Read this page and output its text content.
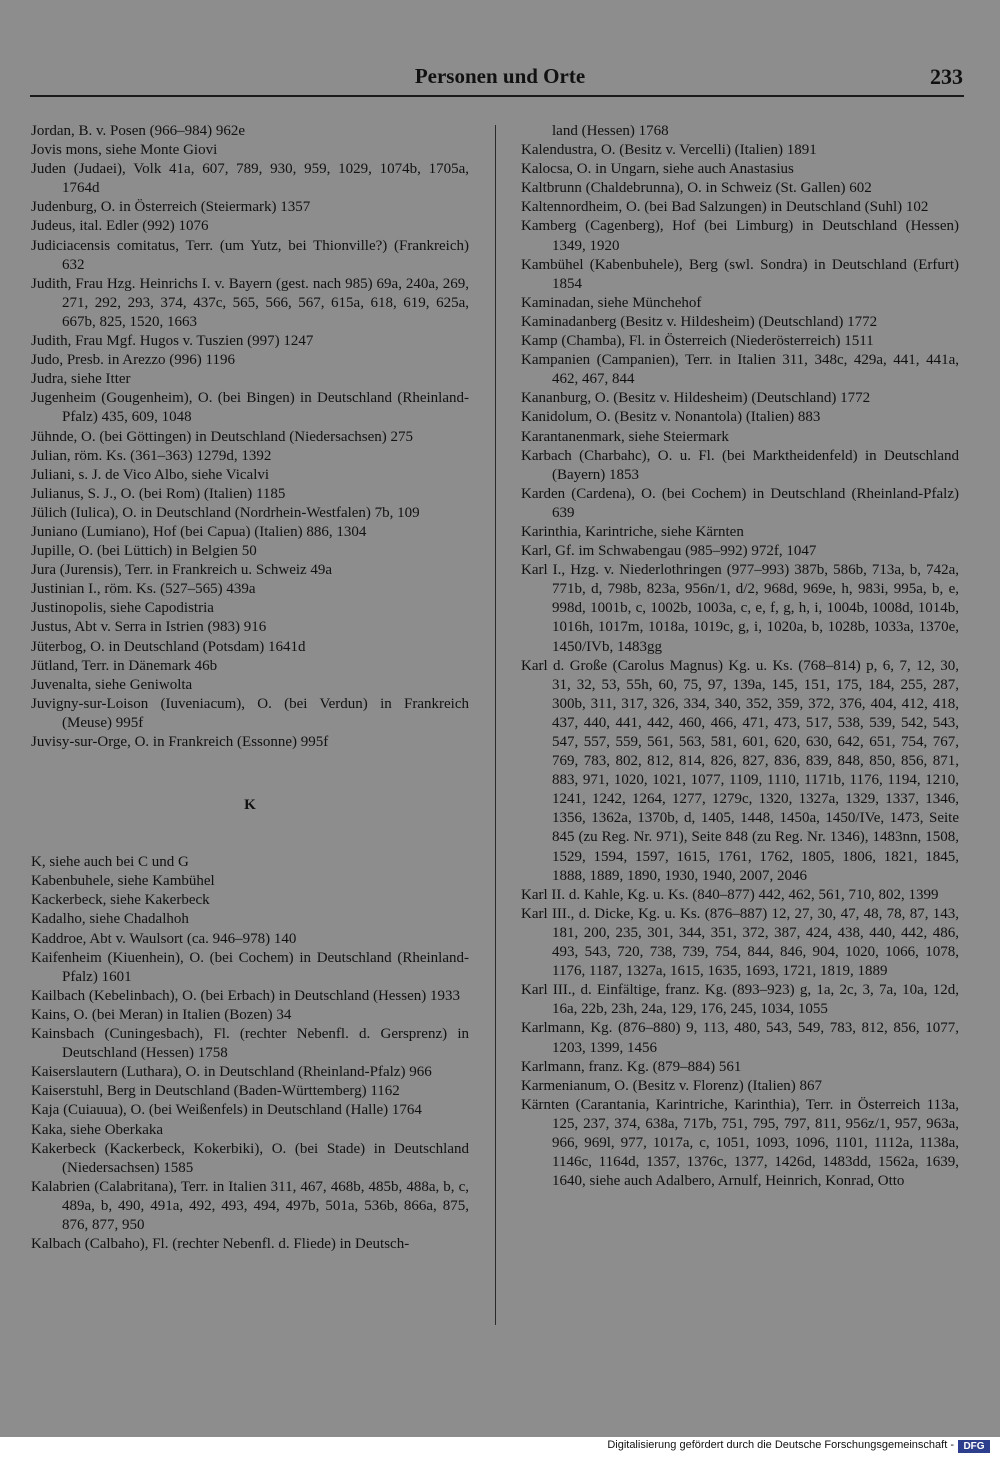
Personen und Orte	233

Jordan, B. v. Posen (966–984) 962e

Jovis mons, siehe Monte Giovi

Juden (Judaei), Volk 41a, 607, 789, 930, 959, 1029, 1074b, 1705a, 1764d

Judenburg, O. in Österreich (Steiermark) 1357

Judeus, ital. Edler (992) 1076

Judiciacensis comitatus, Terr. (um Yutz, bei Thionville?) (Frankreich) 632

Judith, Frau Hzg. Heinrichs I. v. Bayern (gest. nach 985) 69a, 240a, 269, 271, 292, 293, 374, 437c, 565, 566, 567, 615a, 618, 619, 625a, 667b, 825, 1520, 1663

Judith, Frau Mgf. Hugos v. Tuszien (997) 1247

Judo, Presb. in Arezzo (996) 1196

Judra, siehe Itter

Jugenheim (Gougenheim), O. (bei Bingen) in Deutschland (Rheinland-Pfalz) 435, 609, 1048

Jühnde, O. (bei Göttingen) in Deutschland (Niedersachsen) 275

Julian, röm. Ks. (361–363) 1279d, 1392

Juliani, s. J. de Vico Albo, siehe Vicalvi

Julianus, S. J., O. (bei Rom) (Italien) 1185

Jülich (Iulica), O. in Deutschland (Nordrhein-Westfalen) 7b, 109

Juniano (Lumiano), Hof (bei Capua) (Italien) 886, 1304

Jupille, O. (bei Lüttich) in Belgien 50

Jura (Jurensis), Terr. in Frankreich u. Schweiz 49a

Justinian I., röm. Ks. (527–565) 439a

Justinopolis, siehe Capodistria

Justus, Abt v. Serra in Istrien (983) 916

Jüterbog, O. in Deutschland (Potsdam) 1641d

Jütland, Terr. in Dänemark 46b

Juvenalta, siehe Geniwolta

Juvigny-sur-Loison (Iuveniacum), O. (bei Verdun) in Frankreich (Meuse) 995f

Juvisy-sur-Orge, O. in Frankreich (Essonne) 995f

K

K, siehe auch bei C und G

Kabenbuhele, siehe Kambühel

Kackerbeck, siehe Kakerbeck

Kadalho, siehe Chadalhoh

Kaddroe, Abt v. Waulsort (ca. 946–978) 140

Kaifenheim (Kiuenhein), O. (bei Cochem) in Deutschland (Rheinland-Pfalz) 1601

Kailbach (Kebelinbach), O. (bei Erbach) in Deutschland (Hessen) 1933

Kains, O. (bei Meran) in Italien (Bozen) 34

Kainsbach (Cuningesbach), Fl. (rechter Nebenfl. d. Gersprenz) in Deutschland (Hessen) 1758

Kaiserslautern (Luthara), O. in Deutschland (Rheinland-Pfalz) 966

Kaiserstuhl, Berg in Deutschland (Baden-Württemberg) 1162

Kaja (Cuiauua), O. (bei Weißenfels) in Deutschland (Halle) 1764

Kaka, siehe Oberkaka

Kakerbeck (Kackerbeck, Kokerbiki), O. (bei Stade) in Deutschland (Niedersachsen) 1585

Kalabrien (Calabritana), Terr. in Italien 311, 467, 468b, 485b, 488a, b, c, 489a, b, 490, 491a, 492, 493, 494, 497b, 501a, 536b, 866a, 875, 876, 877, 950

Kalbach (Calbaho), Fl. (rechter Nebenfl. d. Fliede) in Deutsch-

land (Hessen) 1768

Kalendustra, O. (Besitz v. Vercelli) (Italien) 1891

Kalocsa, O. in Ungarn, siehe auch Anastasius

Kaltbrunn (Chaldebrunna), O. in Schweiz (St. Gallen) 602

Kaltennordheim, O. (bei Bad Salzungen) in Deutschland (Suhl) 102

Kamberg (Cagenberg), Hof (bei Limburg) in Deutschland (Hessen) 1349, 1920

Kambühel (Kabenbuhele), Berg (swl. Sondra) in Deutschland (Erfurt) 1854

Kaminadan, siehe Münchehof

Kaminadanberg (Besitz v. Hildesheim) (Deutschland) 1772

Kamp (Chamba), Fl. in Österreich (Niederösterreich) 1511

Kampanien (Campanien), Terr. in Italien 311, 348c, 429a, 441, 441a, 462, 467, 844

Kananburg, O. (Besitz v. Hildesheim) (Deutschland) 1772

Kanidolum, O. (Besitz v. Nonantola) (Italien) 883

Karantanenmark, siehe Steiermark

Karbach (Charbahc), O. u. Fl. (bei Marktheidenfeld) in Deutschland (Bayern) 1853

Karden (Cardena), O. (bei Cochem) in Deutschland (Rheinland-Pfalz) 639

Karinthia, Karintriche, siehe Kärnten

Karl, Gf. im Schwabengau (985–992) 972f, 1047

Karl I., Hzg. v. Niederlothringen (977–993) 387b, 586b, 713a, b, 742a, 771b, d, 798b, 823a, 956n/1, d/2, 968d, 969e, h, 983i, 995a, b, e, 998d, 1001b, c, 1002b, 1003a, c, e, f, g, h, i, 1004b, 1008d, 1014b, 1016h, 1017m, 1018a, 1019c, g, i, 1020a, b, 1028b, 1033a, 1370e, 1450/IVb, 1483gg

Karl d. Große (Carolus Magnus) Kg. u. Ks. (768–814) p, 6, 7, 12, 30, 31, 32, 53, 55h, 60, 75, 97, 139a, 145, 151, 175, 184, 255, 287, 300b, 311, 317, 326, 334, 340, 352, 359, 372, 376, 404, 412, 418, 437, 440, 441, 442, 460, 466, 471, 473, 517, 538, 539, 542, 543, 547, 557, 559, 561, 563, 581, 601, 620, 630, 642, 651, 754, 767, 769, 783, 802, 812, 814, 826, 827, 836, 839, 848, 850, 856, 871, 883, 971, 1020, 1021, 1077, 1109, 1110, 1171b, 1176, 1194, 1210, 1241, 1242, 1264, 1277, 1279c, 1320, 1327a, 1329, 1337, 1346, 1356, 1362a, 1370b, d, 1405, 1448, 1450a, 1450/IVe, 1473, Seite 845 (zu Reg. Nr. 971), Seite 848 (zu Reg. Nr. 1346), 1483nn, 1508, 1529, 1594, 1597, 1615, 1761, 1762, 1805, 1806, 1821, 1845, 1888, 1889, 1890, 1930, 1940, 2007, 2046

Karl II. d. Kahle, Kg. u. Ks. (840–877) 442, 462, 561, 710, 802, 1399

Karl III., d. Dicke, Kg. u. Ks. (876–887) 12, 27, 30, 47, 48, 78, 87, 143, 181, 200, 235, 301, 344, 351, 372, 387, 424, 438, 440, 442, 486, 493, 543, 720, 738, 739, 754, 844, 846, 904, 1020, 1066, 1078, 1176, 1187, 1327a, 1615, 1635, 1693, 1721, 1819, 1889

Karl III., d. Einfältige, franz. Kg. (893–923) g, 1a, 2c, 3, 7a, 10a, 12d, 16a, 22b, 23h, 24a, 129, 176, 245, 1034, 1055

Karlmann, Kg. (876–880) 9, 113, 480, 543, 549, 783, 812, 856, 1077, 1203, 1399, 1456

Karlmann, franz. Kg. (879–884) 561

Karmenianum, O. (Besitz v. Florenz) (Italien) 867

Kärnten (Carantania, Karintriche, Karinthia), Terr. in Österreich 113a, 125, 237, 374, 638a, 717b, 751, 795, 797, 811, 956z/1, 957, 963a, 966, 969l, 977, 1017a, c, 1051, 1093, 1096, 1101, 1112a, 1138a, 1146c, 1164d, 1357, 1376c, 1377, 1426d, 1483dd, 1562a, 1639, 1640, siehe auch Adalbero, Arnulf, Heinrich, Konrad, Otto

Digitalisierung gefördert durch die Deutsche Forschungsgemeinschaft - DFG
